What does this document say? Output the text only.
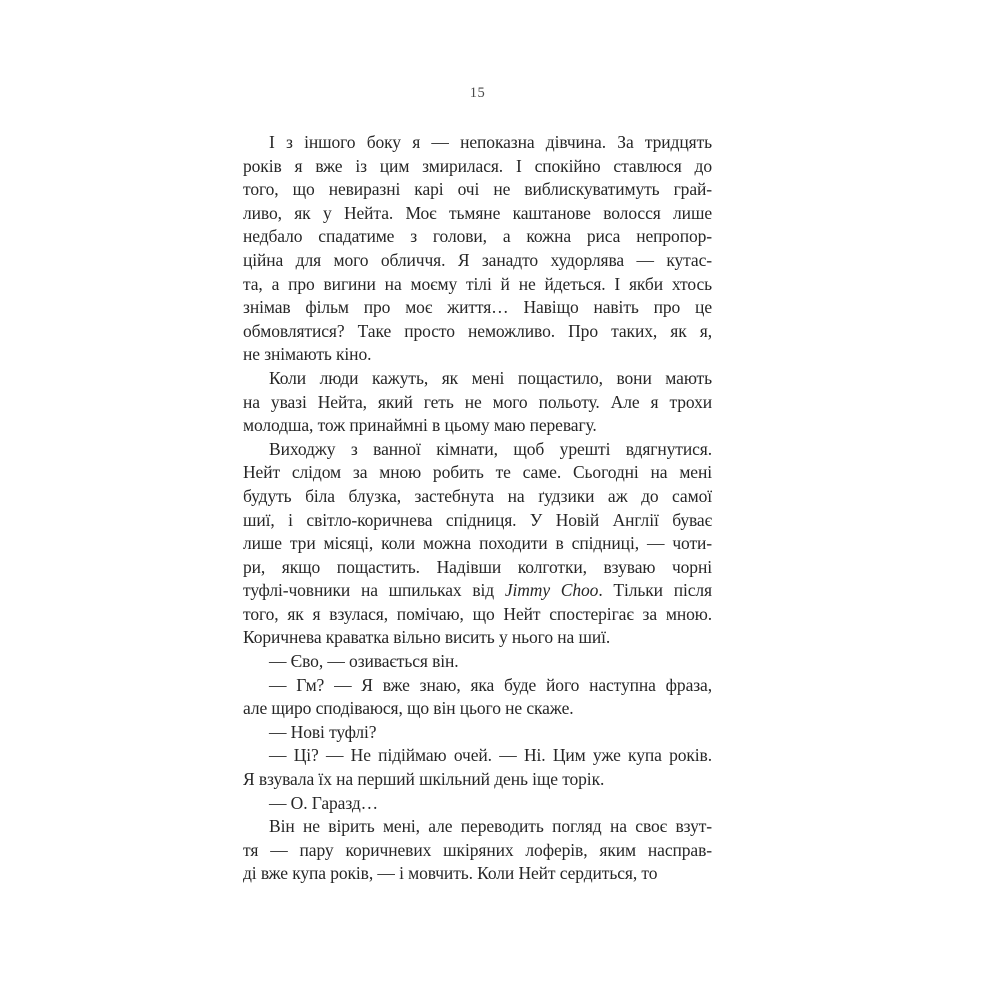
15
І з іншого боку я — непоказна дівчина. За тридцять
років я вже із цим змирилася. І спокійно ставлюся до
того, що невиразні карі очі не виблискуватимуть грай-
ливо, як у Нейта. Моє тьмяне каштанове волосся лише
недбало спадатиме з голови, а кожна риса непропор-
ційна для мого обличчя. Я занадто худорлява — кутас-
та, а про вигини на моєму тілі й не йдеться. І якби хтось
знімав фільм про моє життя… Навіщо навіть про це
обмовлятися? Таке просто неможливо. Про таких, як я,
не знімають кіно.
Коли люди кажуть, як мені пощастило, вони мають
на увазі Нейта, який геть не мого польоту. Але я трохи
молодша, тож принаймні в цьому маю перевагу.
Виходжу з ванної кімнати, щоб урешті вдягнутися.
Нейт слідом за мною робить те саме. Сьогодні на мені
будуть біла блузка, застебнута на ґудзики аж до самої
шиї, і світло-коричнева спідниця. У Новій Англії буває
лише три місяці, коли можна походити в спідниці, — чоти-
ри, якщо пощастить. Надівши колготки, взуваю чорні
туфлі-човники на шпильках від Jimmy Choo. Тільки після
того, як я взулася, помічаю, що Нейт спостерігає за мною.
Коричнева краватка вільно висить у нього на шиї.
— Єво, — озивається він.
— Гм? — Я вже знаю, яка буде його наступна фраза,
але щиро сподіваюся, що він цього не скаже.
— Нові туфлі?
— Ці? — Не підіймаю очей. — Ні. Цим уже купа років.
Я взувала їх на перший шкільний день іще торік.
— О. Гаразд…
Він не вірить мені, але переводить погляд на своє взут-
тя — пару коричневих шкіряних лоферів, яким насправ-
ді вже купа років, — і мовчить. Коли Нейт сердиться, то
